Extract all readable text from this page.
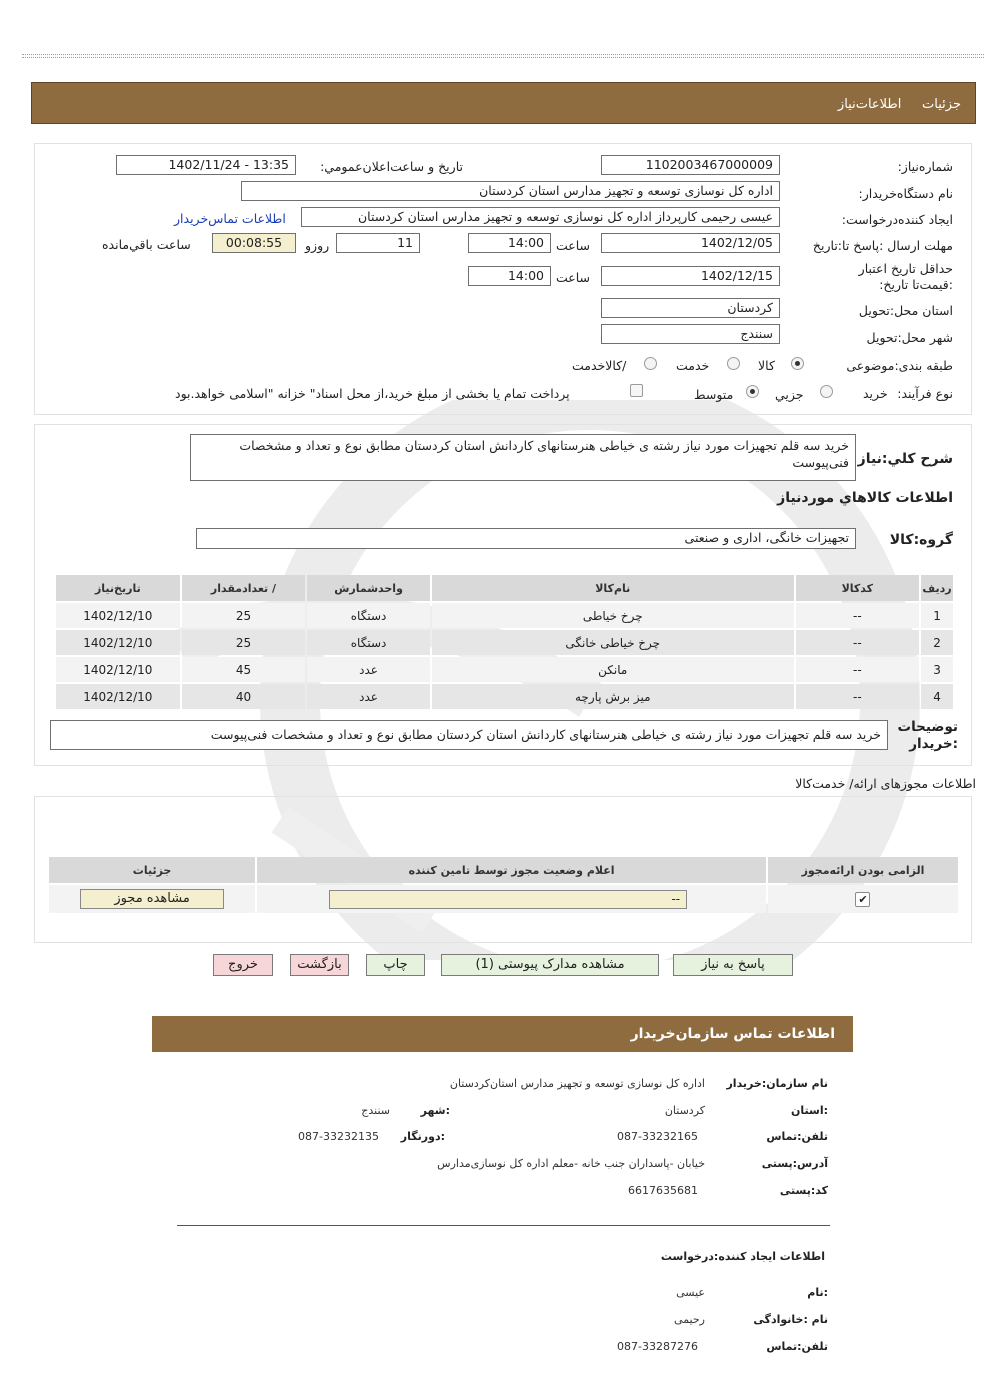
جزئیات     اطلاعات‌نیاز
شماره‌نیاز:
1102003467000009
تاریخ و ساعت‌اعلان‌عمومي:
1402/11/24 - 13:35
نام دستگاه‌خریدار:
اداره کل نوسازی توسعه و تجهیز مدارس استان کردستان
ایجاد کننده‌درخواست:
عیسی رحیمی کارپرداز اداره کل نوسازی توسعه و تجهیز مدارس استان کردستان
اطلاعات تماس‌خریدار
مهلت ارسال :پاسخ تا:تاریخ
1402/12/05
ساعت
14:00
11
روزو
00:08:55
ساعت باقي‌مانده
حداقل تاریخ اعتبار :قیمت‌تا تاریخ:
1402/12/15
ساعت
14:00
استان محل:تحویل
کردستان
شهر محل:تحویل
سنندج
طبقه بندی:موضوعی
کالا
خدمت
/کالاخدمت
نوع فرآیند:
خرید
جزیي
متوسط
پرداخت تمام یا بخشی از مبلغ خرید،از محل اسناد" خزانه "اسلامی خواهد.بود
شرح کلي:نیاز
خرید سه قلم تجهیزات مورد نیاز رشته ی خیاطی هنرستانهای کاردانش استان کردستان مطابق نوع و تعداد و مشخصات فنی‌پیوست
اطلاعات کالاهاي موردنیاز
گروه:کالا
تجهیزات خانگی، اداری و صنعتی
ردیف	کدکالا	نام‌کالا	واحدشمارش	/ تعدادمقدار	تاریخ‌نیاز
1	--	چرخ خیاطی	دستگاه	25	1402/12/10
2	--	چرخ خیاطی خانگی	دستگاه	25	1402/12/10
3	--	مانکن	عدد	45	1402/12/10
4	--	میز برش پارچه	عدد	40	1402/12/10
توضیحات :خریدار
خرید سه قلم تجهیزات مورد نیاز رشته ی خیاطی هنرستانهای کاردانش استان کردستان مطابق نوع و تعداد و مشخصات فنی‌پیوست
اطلاعات مجوزهای ارائه/ خدمت‌کالا
الزامی بودن ارائه‌مجوز	اعلام وضعیت مجوز توسط تامین کننده	جزئیات
✔	--	مشاهده مجوز
پاسخ به نیاز
مشاهده مدارک پیوستی (1)
چاپ
بازگشت
خروج
اطلاعات تماس سازمان‌خریدار
نام سازمان:خریدار
اداره کل نوسازی توسعه و تجهیز مدارس استان‌کردستان
:استان
کردستان
:شهر
سنندج
تلفن:تماس
087-33232165
:دورنگار
087-33232135
آدرس:پستی
خیابان -پاسداران جنب خانه -معلم اداره کل نوسازی‌مدارس
کد:پستی
6617635681
اطلاعات ایجاد کننده:درخواست
:نام
عیسی
نام :خانوادگی
رحیمی
تلفن:تماس
087-33287276
